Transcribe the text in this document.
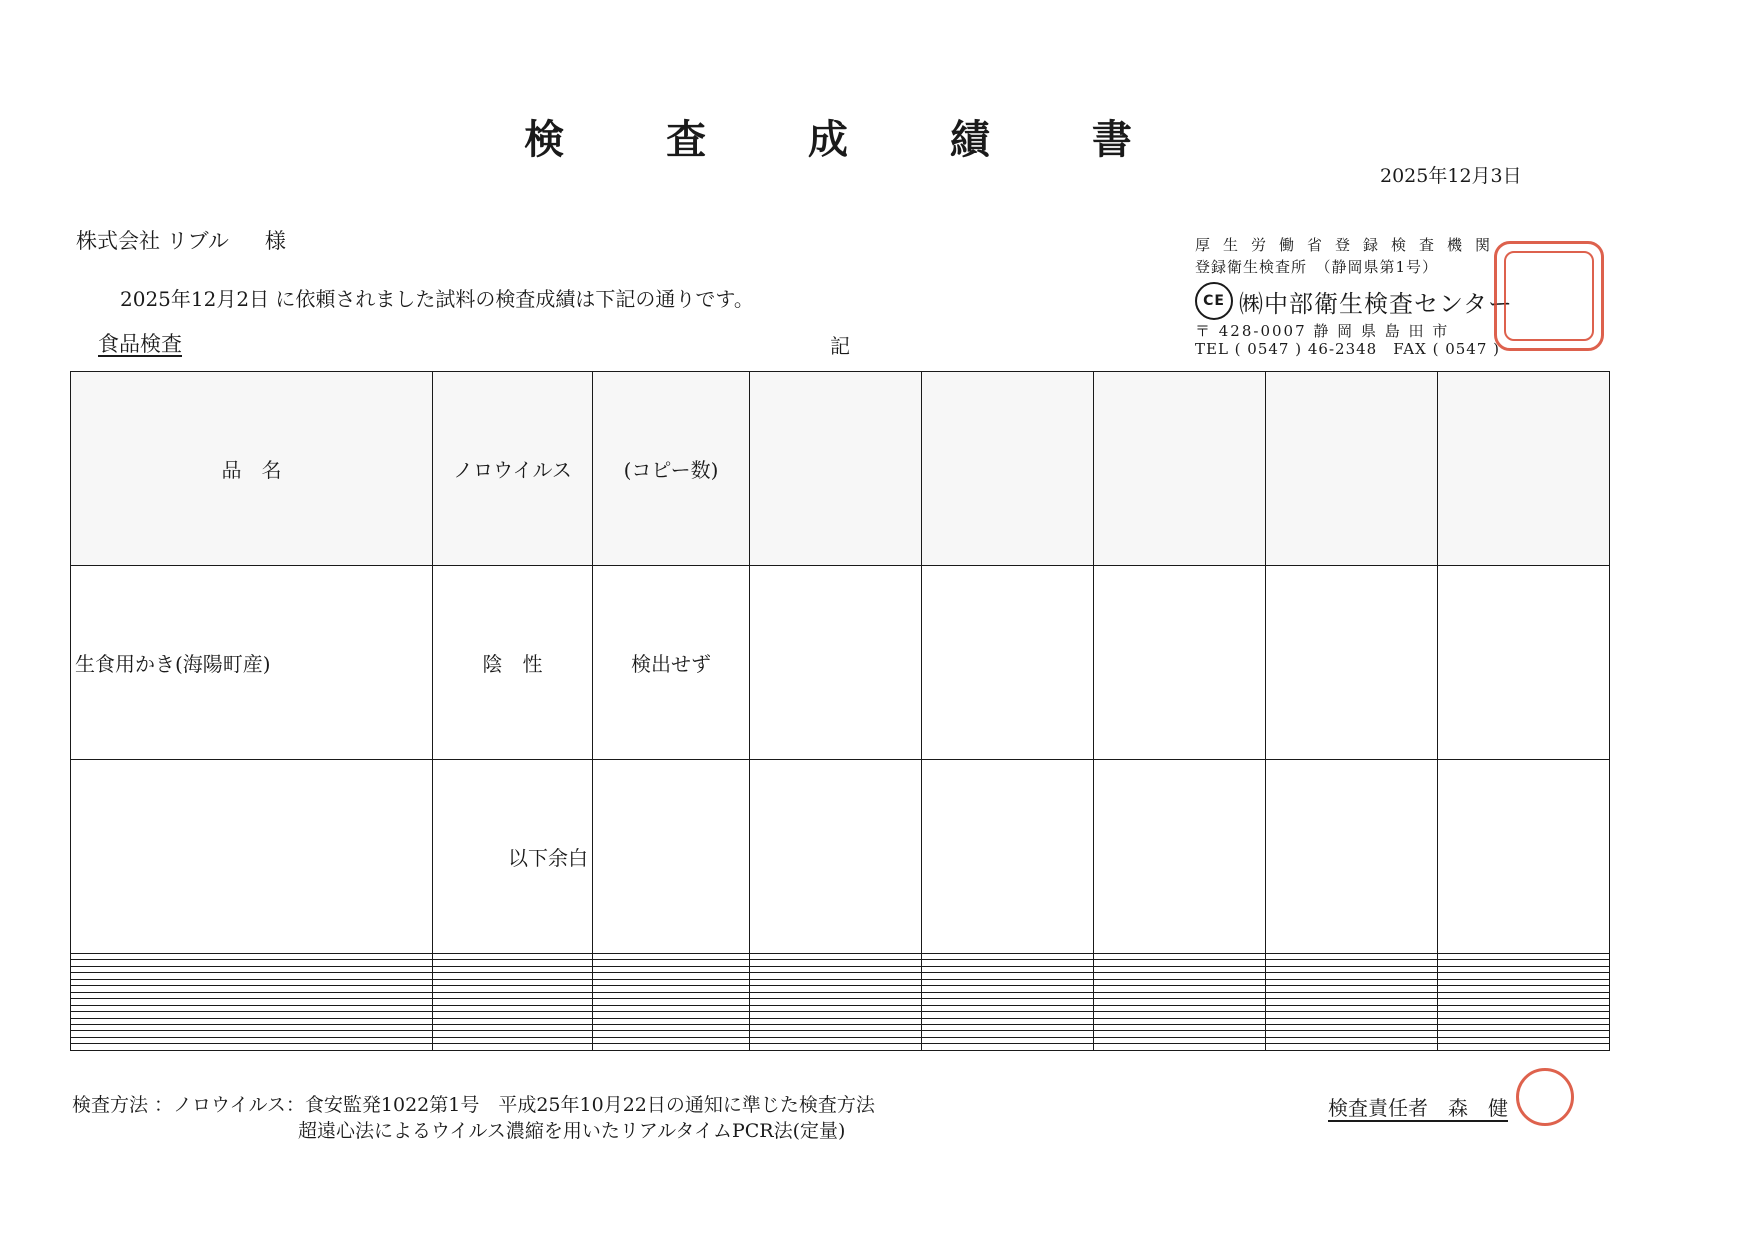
検 査 成 績 書
2025年12月3日
株式会社 リブル 様
2025年12月2日 に依頼されました試料の検査成績は下記の通りです。
食品検査	記
厚生労働省登録検査機関
登録衛生検査所　（静岡県第1号）
CE ㈱中部衛生検査センター
〒 428-0007 静 岡 県 島 田 市
TEL ( 0547 ) 46-2348　FAX ( 0547 )
品　名	ノロウイルス	(コピー数)					
生食用かき(海陽町産)	陰　性	検出せず					
	以下余白						

検査方法 ：ノロウイルス：食安監発1022第1号　平成25年10月22日の通知に準じた検査方法
超遠心法によるウイルス濃縮を用いたリアルタイムPCR法(定量)
検査責任者　森　健
